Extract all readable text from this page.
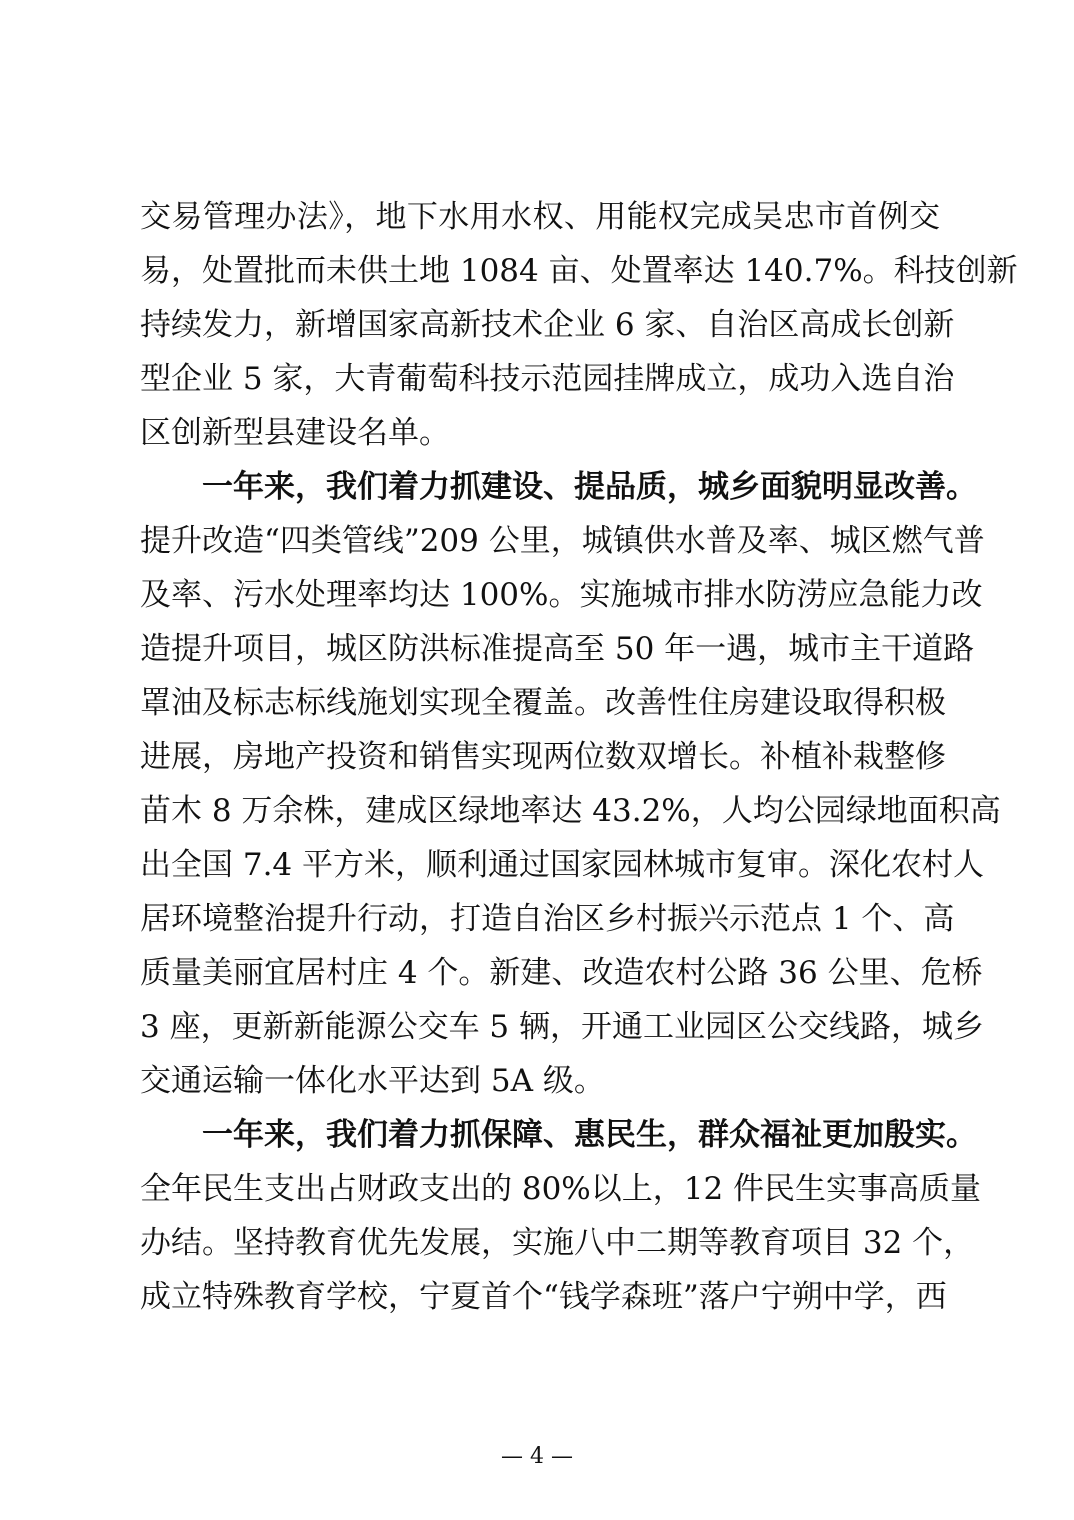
交易管理办法》，地下水用水权、用能权完成吴忠市首例交
易，处置批而未供土地 1084 亩、处置率达 140.7%。科技创新
持续发力，新增国家高新技术企业 6 家、自治区高成长创新
型企业 5 家，大青葡萄科技示范园挂牌成立，成功入选自治
区创新型县建设名单。
　　一年来，我们着力抓建设、提品质，城乡面貌明显改善。
提升改造“四类管线”209 公里，城镇供水普及率、城区燃气普
及率、污水处理率均达 100%。实施城市排水防涝应急能力改
造提升项目，城区防洪标准提高至 50 年一遇，城市主干道路
罩油及标志标线施划实现全覆盖。改善性住房建设取得积极
进展，房地产投资和销售实现两位数双增长。补植补栽整修
苗木 8 万余株，建成区绿地率达 43.2%，人均公园绿地面积高
出全国 7.4 平方米，顺利通过国家园林城市复审。深化农村人
居环境整治提升行动，打造自治区乡村振兴示范点 1 个、高
质量美丽宜居村庄 4 个。新建、改造农村公路 36 公里、危桥
3 座，更新新能源公交车 5 辆，开通工业园区公交线路，城乡
交通运输一体化水平达到 5A 级。
　　一年来，我们着力抓保障、惠民生，群众福祉更加殷实。
全年民生支出占财政支出的 80%以上，12 件民生实事高质量
办结。坚持教育优先发展，实施八中二期等教育项目 32 个，
成立特殊教育学校，宁夏首个“钱学森班”落户宁朔中学，西
— 4 —
